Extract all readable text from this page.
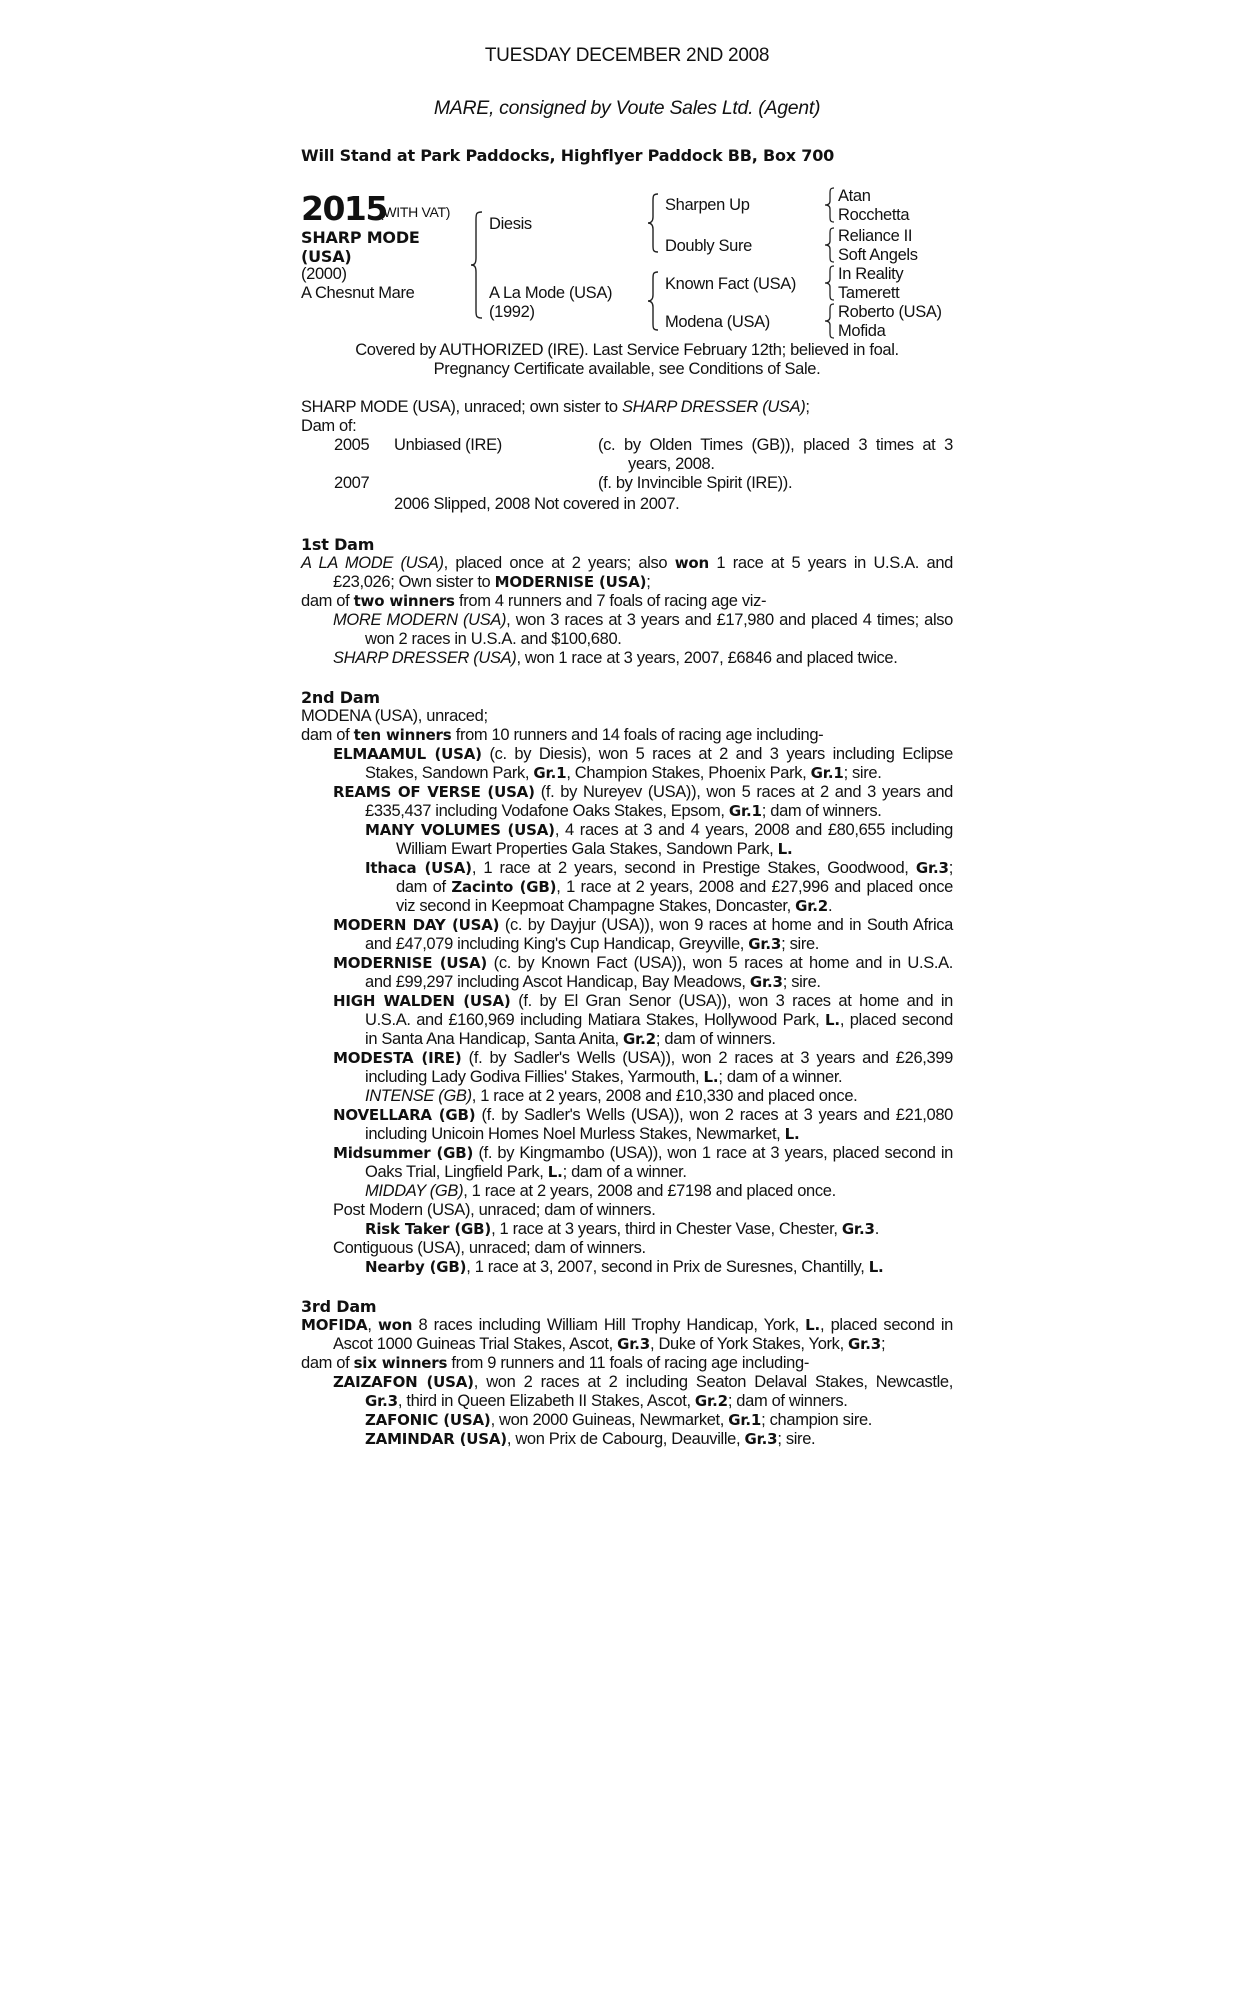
TUESDAY DECEMBER 2ND 2008
MARE, consigned by Voute Sales Ltd. (Agent)
Will Stand at Park Paddocks, Highflyer Paddock BB, Box 700
2015
(WITH VAT)
SHARP MODE
(USA)
(2000)
A Chesnut Mare
Diesis
A La Mode (USA)
(1992)
Sharpen Up
Doubly Sure
Known Fact (USA)
Modena (USA)
Atan
Rocchetta
Reliance II
Soft Angels
In Reality
Tamerett
Roberto (USA)
Mofida
Covered by AUTHORIZED (IRE). Last Service February 12th; believed in foal.
Pregnancy Certificate available, see Conditions of Sale.
SHARP MODE (USA), unraced; own sister to SHARP DRESSER (USA);
Dam of:
2005 Unbiased (IRE)	(c. by Olden Times (GB)), placed 3 times at 3
years, 2008.
2007	(f. by Invincible Spirit (IRE)).
2006 Slipped, 2008 Not covered in 2007.
1st Dam
A LA MODE (USA), placed once at 2 years; also won 1 race at 5 years in U.S.A. and
£23,026; Own sister to MODERNISE (USA);
dam of two winners from 4 runners and 7 foals of racing age viz-
MORE MODERN (USA), won 3 races at 3 years and £17,980 and placed 4 times; also
won 2 races in U.S.A. and $100,680.
SHARP DRESSER (USA), won 1 race at 3 years, 2007, £6846 and placed twice.
2nd Dam
MODENA (USA), unraced;
dam of ten winners from 10 runners and 14 foals of racing age including-
ELMAAMUL (USA) (c. by Diesis), won 5 races at 2 and 3 years including Eclipse
Stakes, Sandown Park, Gr.1, Champion Stakes, Phoenix Park, Gr.1; sire.
REAMS OF VERSE (USA) (f. by Nureyev (USA)), won 5 races at 2 and 3 years and
£335,437 including Vodafone Oaks Stakes, Epsom, Gr.1; dam of winners.
MANY VOLUMES (USA), 4 races at 3 and 4 years, 2008 and £80,655 including
William Ewart Properties Gala Stakes, Sandown Park, L.
Ithaca (USA), 1 race at 2 years, second in Prestige Stakes, Goodwood, Gr.3;
dam of Zacinto (GB), 1 race at 2 years, 2008 and £27,996 and placed once
viz second in Keepmoat Champagne Stakes, Doncaster, Gr.2.
MODERN DAY (USA) (c. by Dayjur (USA)), won 9 races at home and in South Africa
and £47,079 including King's Cup Handicap, Greyville, Gr.3; sire.
MODERNISE (USA) (c. by Known Fact (USA)), won 5 races at home and in U.S.A.
and £99,297 including Ascot Handicap, Bay Meadows, Gr.3; sire.
HIGH WALDEN (USA) (f. by El Gran Senor (USA)), won 3 races at home and in
U.S.A. and £160,969 including Matiara Stakes, Hollywood Park, L., placed second
in Santa Ana Handicap, Santa Anita, Gr.2; dam of winners.
MODESTA (IRE) (f. by Sadler's Wells (USA)), won 2 races at 3 years and £26,399
including Lady Godiva Fillies' Stakes, Yarmouth, L.; dam of a winner.
INTENSE (GB), 1 race at 2 years, 2008 and £10,330 and placed once.
NOVELLARA (GB) (f. by Sadler's Wells (USA)), won 2 races at 3 years and £21,080
including Unicoin Homes Noel Murless Stakes, Newmarket, L.
Midsummer (GB) (f. by Kingmambo (USA)), won 1 race at 3 years, placed second in
Oaks Trial, Lingfield Park, L.; dam of a winner.
MIDDAY (GB), 1 race at 2 years, 2008 and £7198 and placed once.
Post Modern (USA), unraced; dam of winners.
Risk Taker (GB), 1 race at 3 years, third in Chester Vase, Chester, Gr.3.
Contiguous (USA), unraced; dam of winners.
Nearby (GB), 1 race at 3, 2007, second in Prix de Suresnes, Chantilly, L.
3rd Dam
MOFIDA, won 8 races including William Hill Trophy Handicap, York, L., placed second in
Ascot 1000 Guineas Trial Stakes, Ascot, Gr.3, Duke of York Stakes, York, Gr.3;
dam of six winners from 9 runners and 11 foals of racing age including-
ZAIZAFON (USA), won 2 races at 2 including Seaton Delaval Stakes, Newcastle,
Gr.3, third in Queen Elizabeth II Stakes, Ascot, Gr.2; dam of winners.
ZAFONIC (USA), won 2000 Guineas, Newmarket, Gr.1; champion sire.
ZAMINDAR (USA), won Prix de Cabourg, Deauville, Gr.3; sire.
